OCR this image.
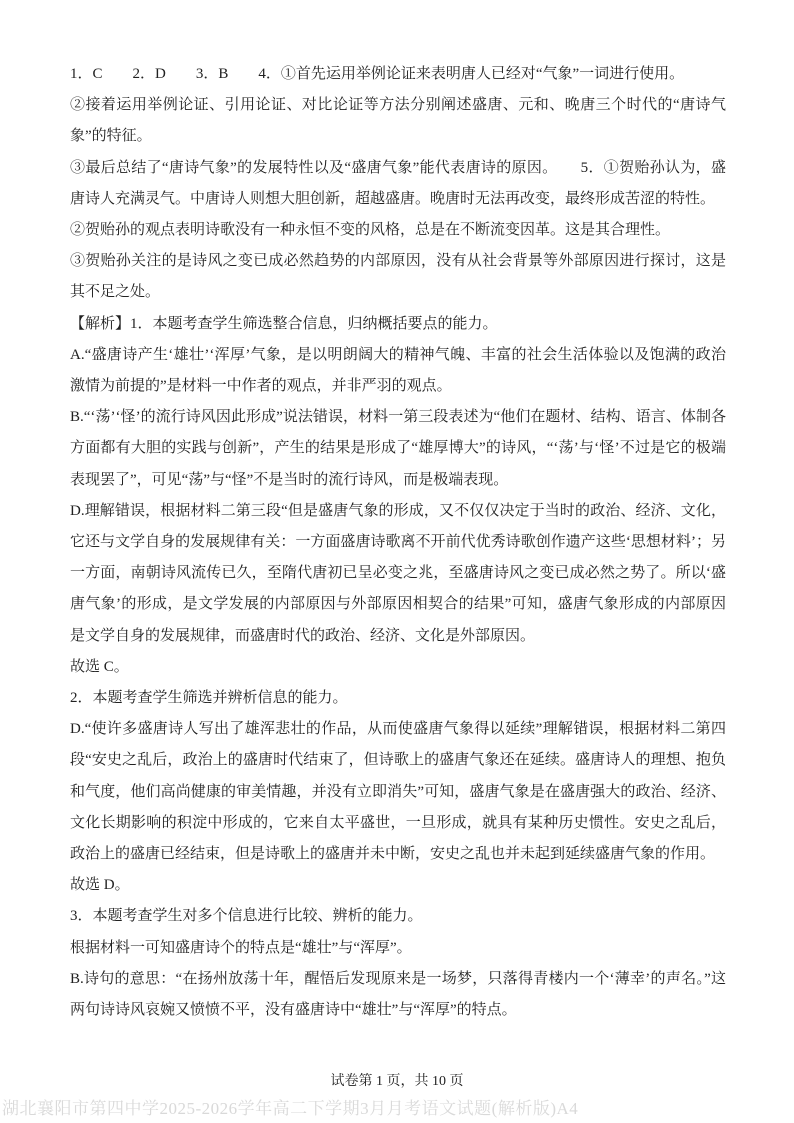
1．C　　2．D　　3．B　　4．①首先运用举例论证来表明唐人已经对“气象”一词进行使用。

②接着运用举例论证、引用论证、对比论证等方法分别阐述盛唐、元和、晚唐三个时代的“唐诗气象”的特征。

③最后总结了“唐诗气象”的发展特性以及“盛唐气象”能代表唐诗的原因。　　5．①贺贻孙认为，盛唐诗人充满灵气。中唐诗人则想大胆创新，超越盛唐。晚唐时无法再改变，最终形成苦涩的特性。

②贺贻孙的观点表明诗歌没有一种永恒不变的风格，总是在不断流变因革。这是其合理性。

③贺贻孙关注的是诗风之变已成必然趋势的内部原因，没有从社会背景等外部原因进行探讨，这是其不足之处。

【解析】1．本题考查学生筛选整合信息，归纳概括要点的能力。

A.“盛唐诗产生‘雄壮’‘浑厚’气象，是以明朗阔大的精神气魄、丰富的社会生活体验以及饱满的政治激情为前提的”是材料一中作者的观点，并非严羽的观点。

B.“‘荡’‘怪’的流行诗风因此形成”说法错误，材料一第三段表述为“他们在题材、结构、语言、体制各方面都有大胆的实践与创新”，产生的结果是形成了“雄厚博大”的诗风，“‘荡’与‘怪’不过是它的极端表现罢了”，可见“荡”与“怪”不是当时的流行诗风，而是极端表现。

D.理解错误，根据材料二第三段“但是盛唐气象的形成，又不仅仅决定于当时的政治、经济、文化，它还与文学自身的发展规律有关：一方面盛唐诗歌离不开前代优秀诗歌创作遗产这些‘思想材料’；另一方面，南朝诗风流传已久，至隋代唐初已呈必变之兆，至盛唐诗风之变已成必然之势了。所以‘盛唐气象’的形成，是文学发展的内部原因与外部原因相契合的结果”可知，盛唐气象形成的内部原因是文学自身的发展规律，而盛唐时代的政治、经济、文化是外部原因。

故选 C。

2．本题考查学生筛选并辨析信息的能力。

D.“使许多盛唐诗人写出了雄浑悲壮的作品，从而使盛唐气象得以延续”理解错误，根据材料二第四段“安史之乱后，政治上的盛唐时代结束了，但诗歌上的盛唐气象还在延续。盛唐诗人的理想、抱负和气度，他们高尚健康的审美情趣，并没有立即消失”可知，盛唐气象是在盛唐强大的政治、经济、文化长期影响的积淀中形成的，它来自太平盛世，一旦形成，就具有某种历史惯性。安史之乱后，政治上的盛唐已经结束，但是诗歌上的盛唐并未中断，安史之乱也并未起到延续盛唐气象的作用。

故选 D。

3．本题考查学生对多个信息进行比较、辨析的能力。

根据材料一可知盛唐诗个的特点是“雄壮”与“浑厚”。

B.诗句的意思：“在扬州放荡十年，醒悟后发现原来是一场梦，只落得青楼内一个‘薄幸’的声名。”这两句诗诗风哀婉又愤愤不平，没有盛唐诗中“雄壮”与“浑厚”的特点。

试卷第 1 页，共 10 页
湖北襄阳市第四中学2025-2026学年高二下学期3月月考语文试题(解析版)A4
